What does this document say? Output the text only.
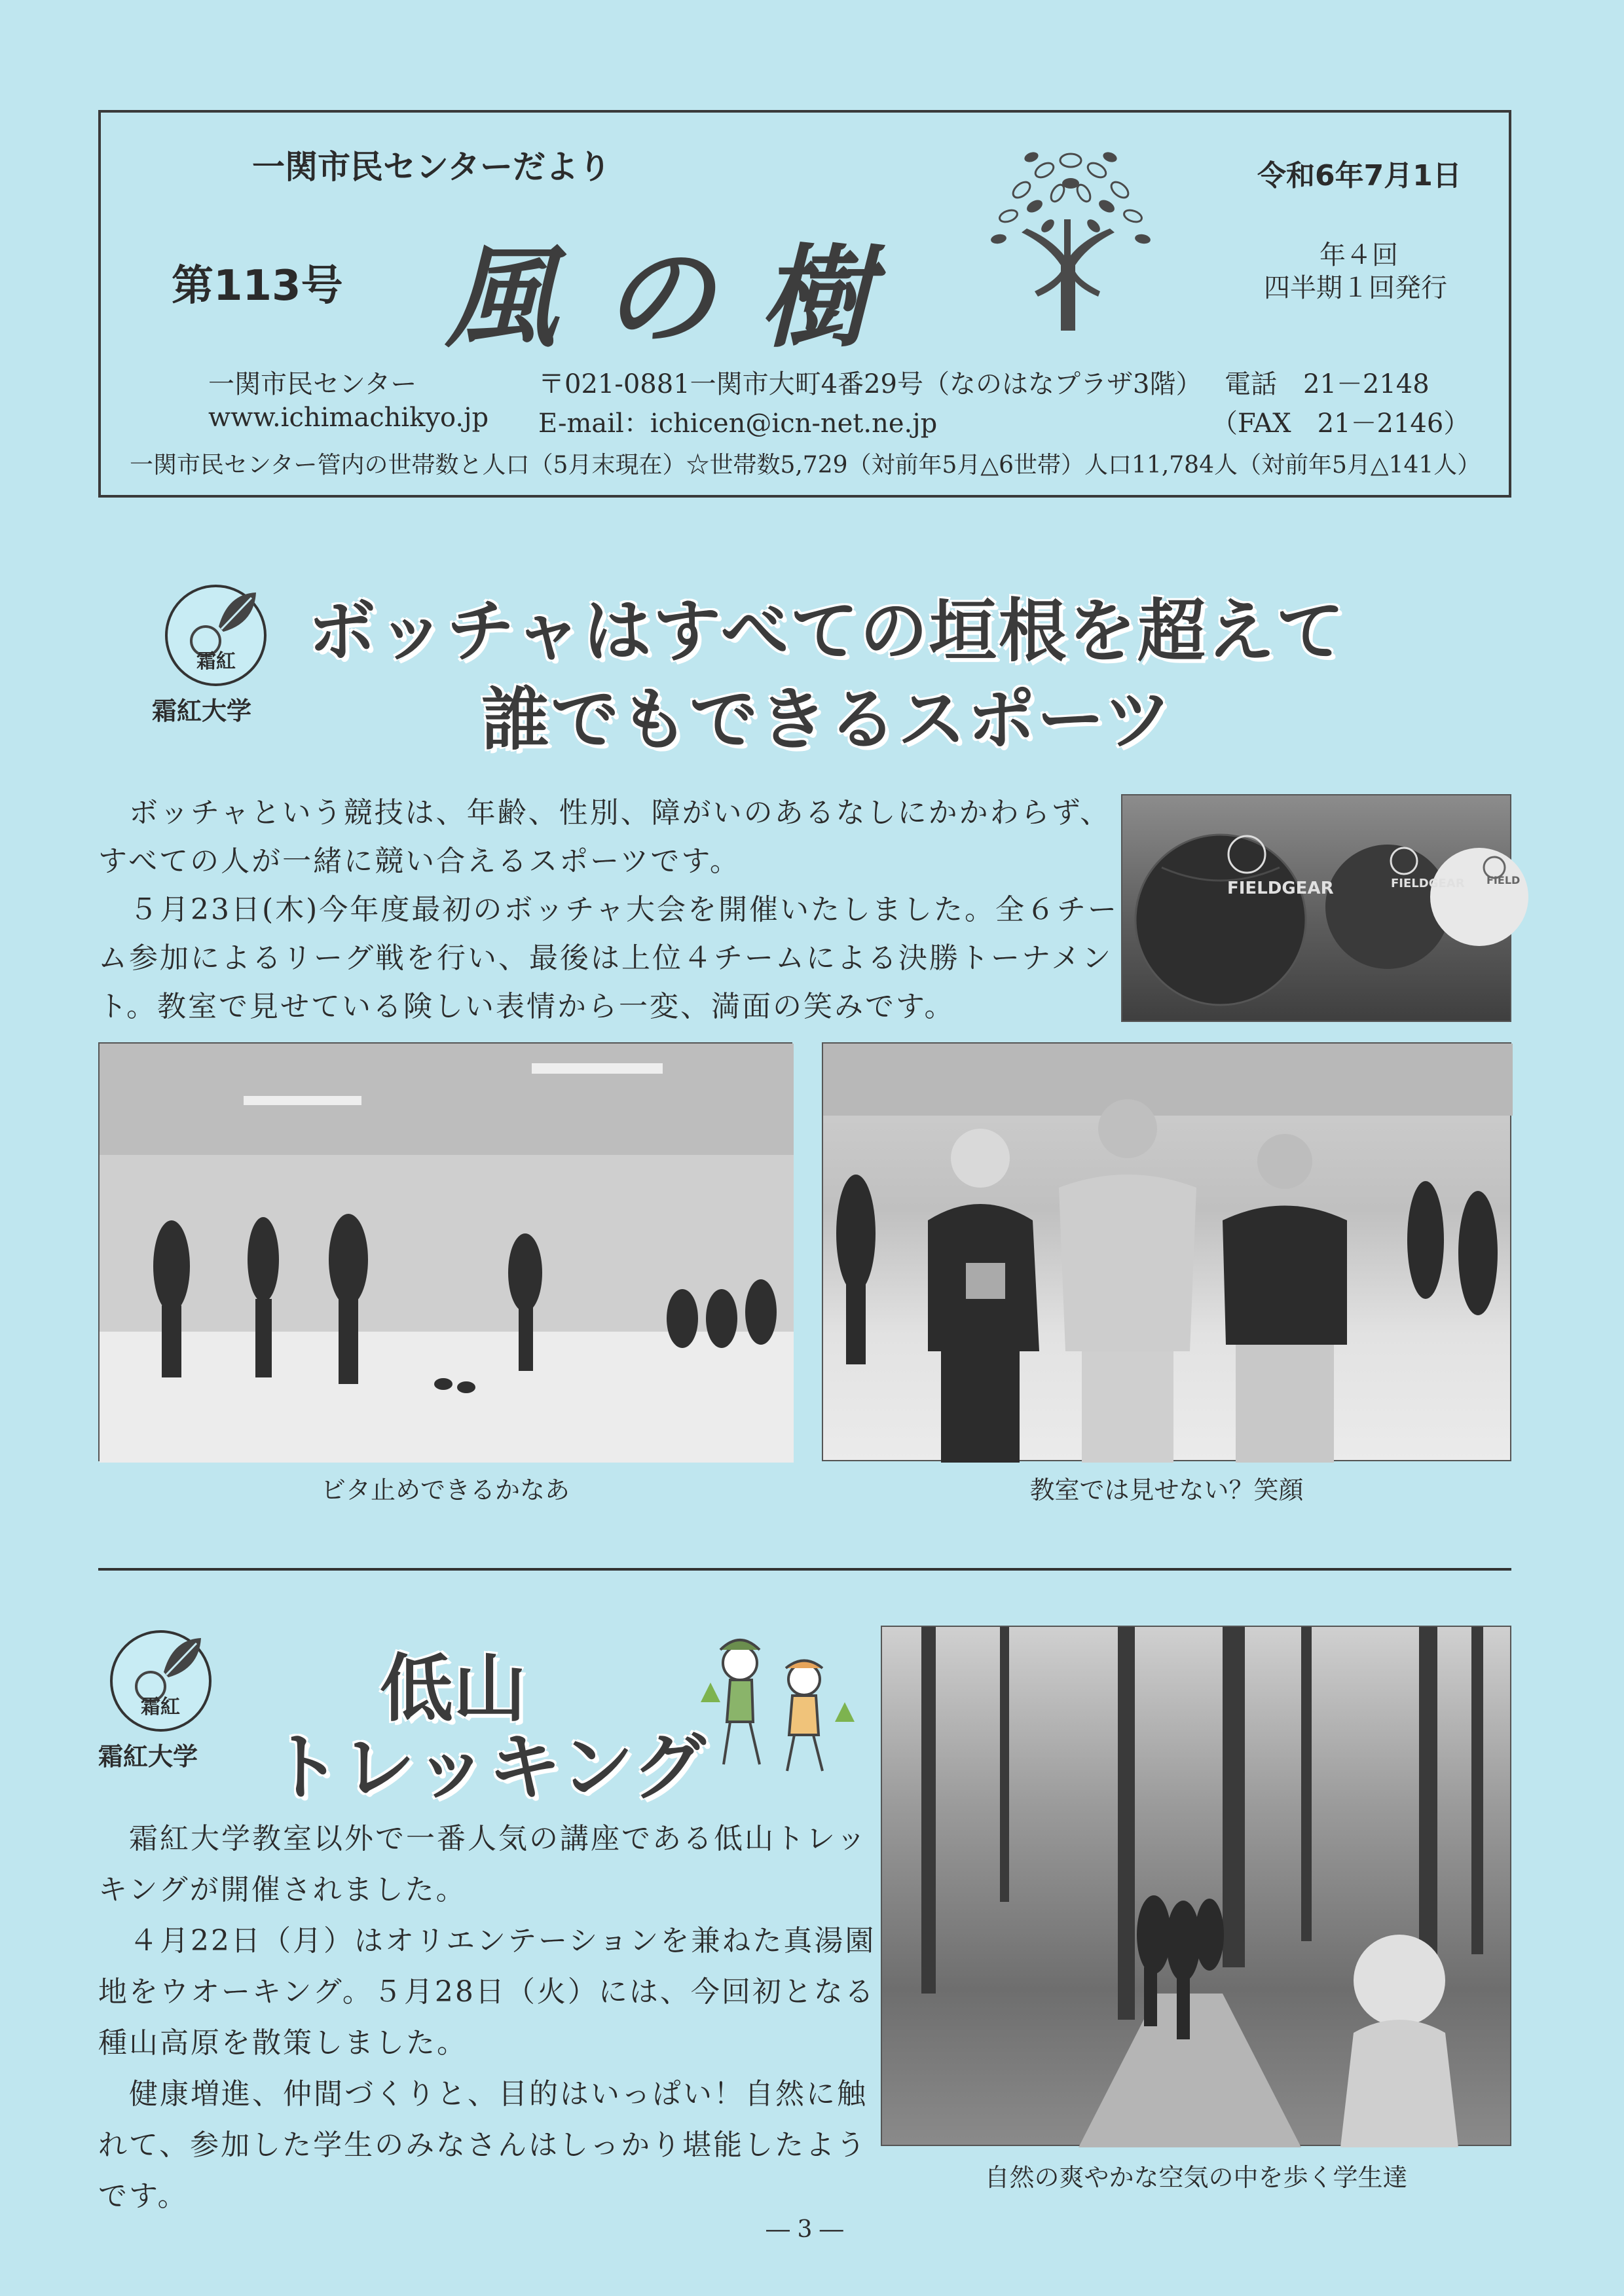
一関市民センターだより
第113号 風の樹
令和6年7月1日
年４回
四半期１回発行
一関市民センター
www.ichimachikyo.jp
〒021-0881一関市大町4番29号（なのはなプラザ3階）
E-mail：ichicen@icn-net.ne.jp
電話　21－2148
（FAX　21－2146）
一関市民センター管内の世帯数と人口（5月末現在）☆世帯数5,729（対前年5月△6世帯）人口11,784人（対前年5月△141人）
霜紅
霜紅大学
ボッチャはすべての垣根を超えて
誰でもできるスポーツ
　ボッチャという競技は、年齢、性別、障がいのあるなしにかかわらず、
すべての人が一緒に競い合えるスポーツです。
　５月23日(木)今年度最初のボッチャ大会を開催いたしました。全６チー
ム参加によるリーグ戦を行い、最後は上位４チームによる決勝トーナメン
ト。教室で見せている険しい表情から一変、満面の笑みです。
FIELDGEAR	FIELDGEAR FIELD
ビタ止めできるかなあ	教室では見せない？笑顔
霜紅
霜紅大学
低山
トレッキング
　霜紅大学教室以外で一番人気の講座である低山トレッ
キングが開催されました。
　４月22日（月）はオリエンテーションを兼ねた真湯園
地をウオーキング。５月28日（火）には、今回初となる
種山高原を散策しました。
　健康増進、仲間づくりと、目的はいっぱい！自然に触
れて、参加した学生のみなさんはしっかり堪能したよう
です。
自然の爽やかな空気の中を歩く学生達
― 3 ―
